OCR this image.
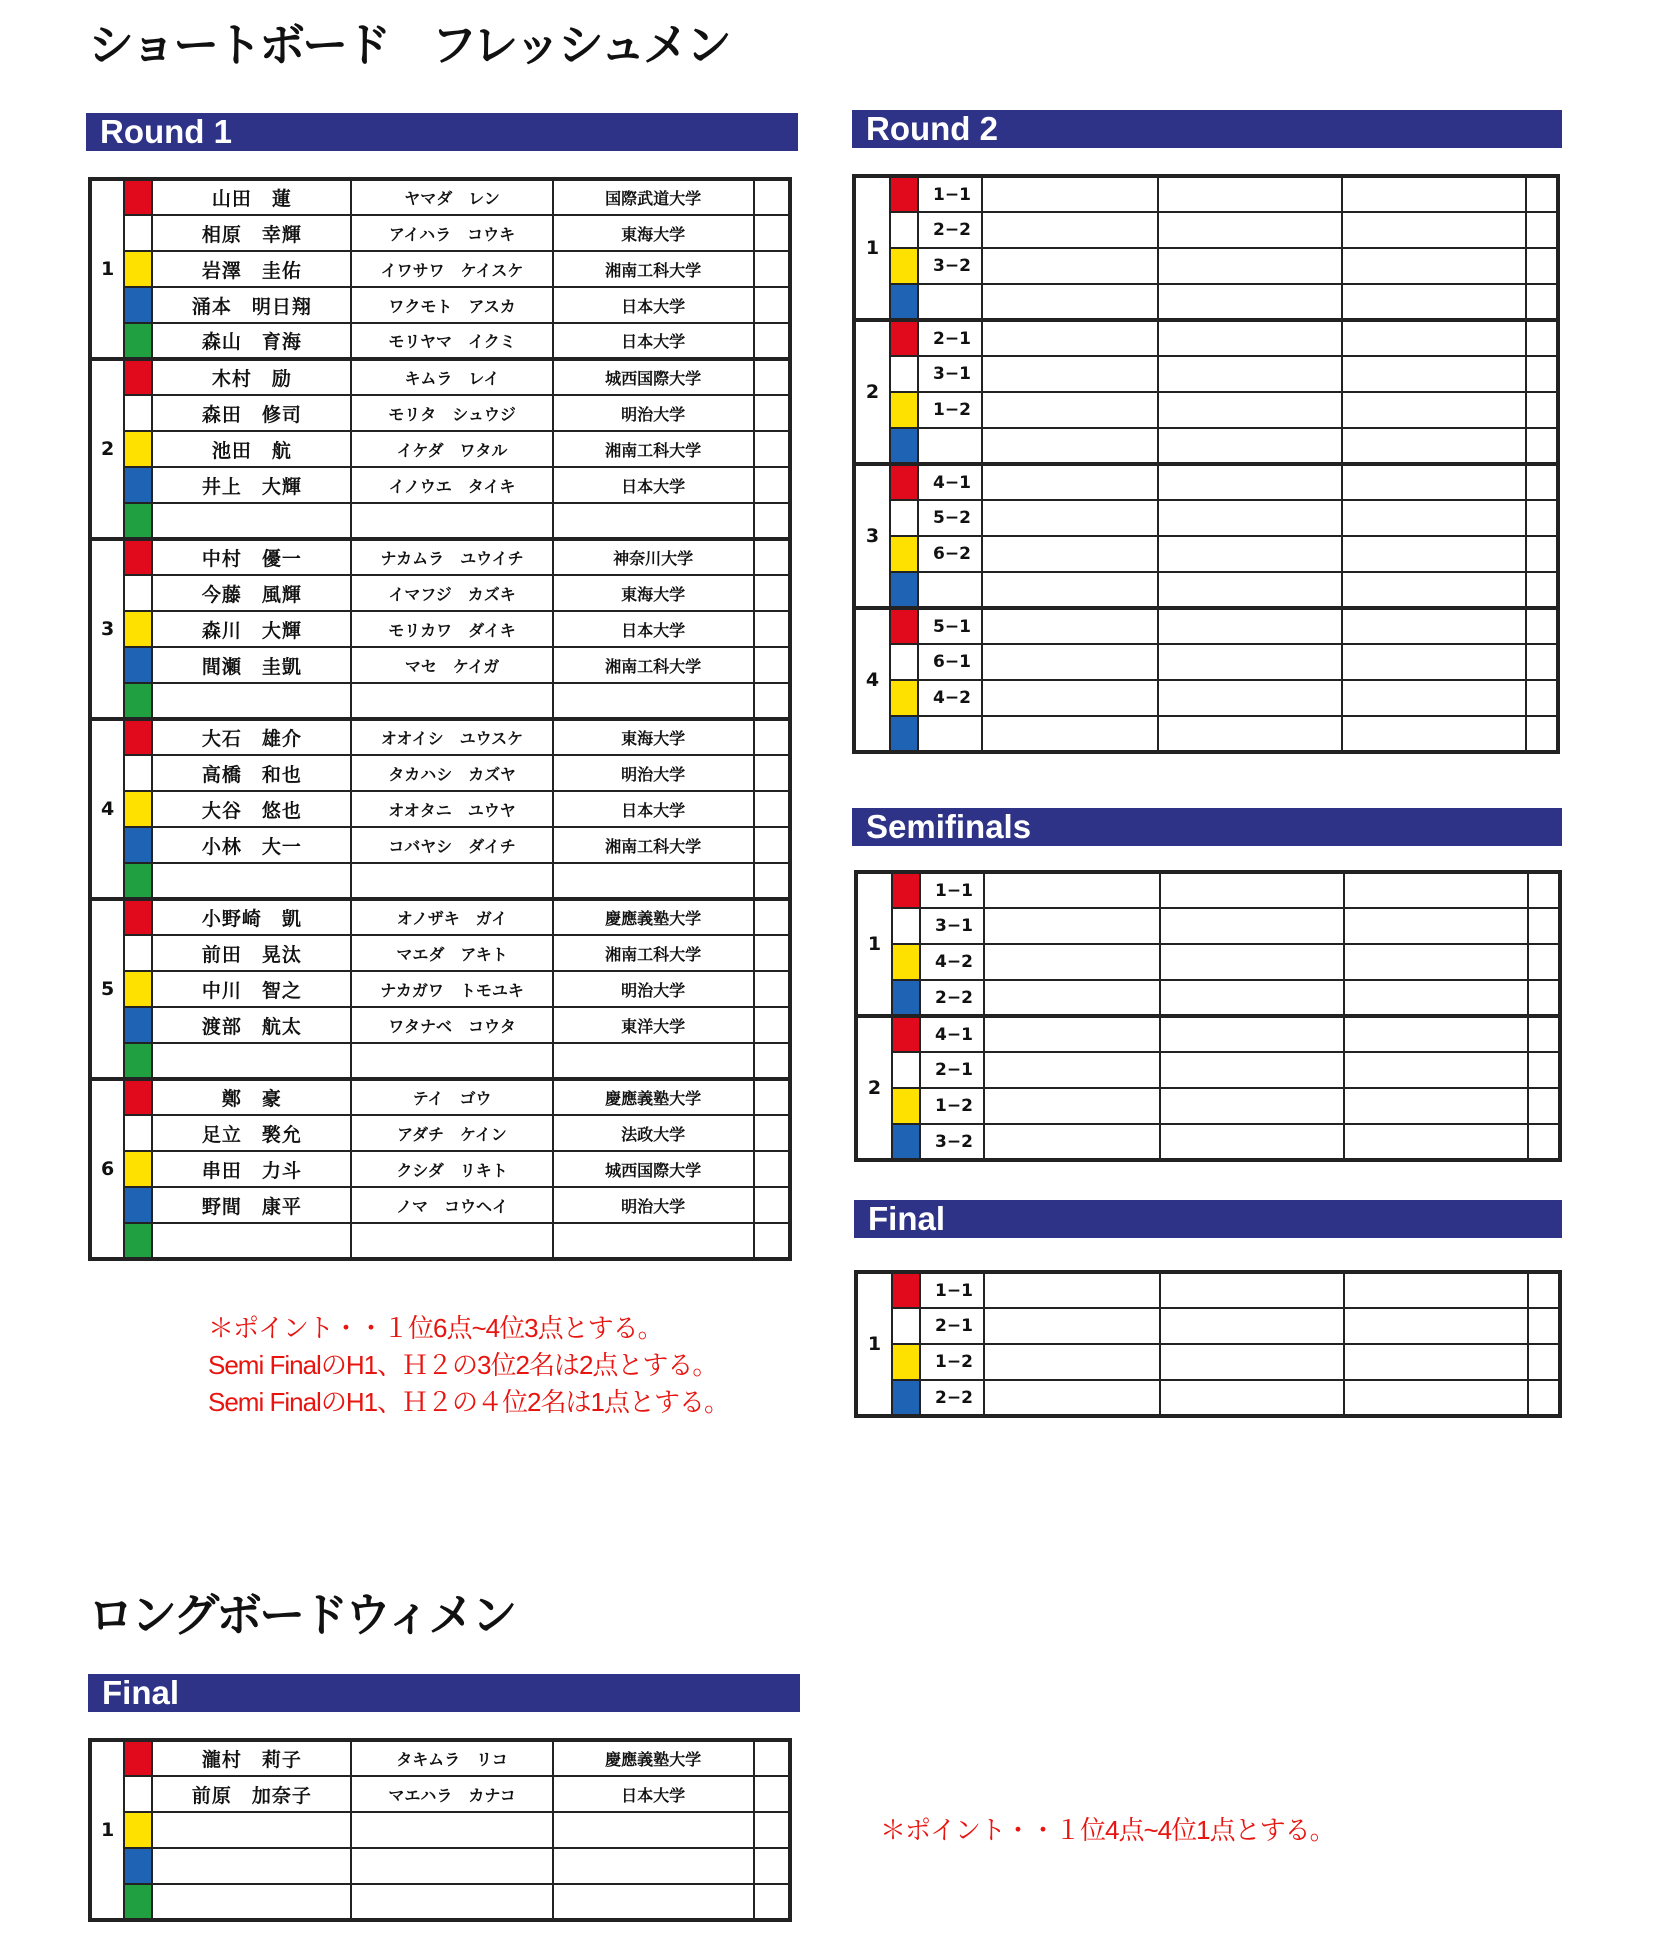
ショートボード　フレッシュメン
Round 1
1		山田　蓮	ヤマダ　レン	国際武道大学	
		相原　幸輝	アイハラ　コウキ	東海大学	
		岩澤　圭佑	イワサワ　ケイスケ	湘南工科大学	
		涌本　明日翔	ワクモト　アスカ	日本大学	
		森山　育海	モリヤマ　イクミ	日本大学	
2		木村　励	キムラ　レイ	城西国際大学	
		森田　修司	モリタ　シュウジ	明治大学	
		池田　航	イケダ　ワタル	湘南工科大学	
		井上　大輝	イノウエ　タイキ	日本大学	

3		中村　優一	ナカムラ　ユウイチ	神奈川大学	
		今藤　風輝	イマフジ　カズキ	東海大学	
		森川　大輝	モリカワ　ダイキ	日本大学	
		間瀬　圭凱	マセ　ケイガ	湘南工科大学	

4		大石　雄介	オオイシ　ユウスケ	東海大学	
		高橋　和也	タカハシ　カズヤ	明治大学	
		大谷　悠也	オオタニ　ユウヤ	日本大学	
		小林　大一	コバヤシ　ダイチ	湘南工科大学	

5		小野崎　凱	オノザキ　ガイ	慶應義塾大学	
		前田　晃汰	マエダ　アキト	湘南工科大学	
		中川　智之	ナカガワ　トモユキ	明治大学	
		渡部　航太	ワタナベ　コウタ	東洋大学	

6		鄭　豪	テイ　ゴウ	慶應義塾大学	
		足立　褧允	アダチ　ケイン	法政大学	
		串田　力斗	クシダ　リキト	城西国際大学	
		野間　康平	ノマ　コウヘイ	明治大学	

Round 2
1		1−1				
		2−2				
		3−2				

2		2−1				
		3−1				
		1−2				

3		4−1				
		5−2				
		6−2				

4		5−1				
		6−1				
		4−2				

Semifinals
1		1−1				
		3−1				
		4−2				
		2−2				
2		4−1				
		2−1				
		1−2				
		3−2				
Final
1		1−1				
		2−1				
		1−2				
		2−2				
＊ポイント・・１位6点~4位3点とする。
Semi FinalのH1、Ｈ２の3位2名は2点とする。
Semi FinalのH1、Ｈ２の４位2名は1点とする。
ロングボードウィメン
Final
1		瀧村　莉子	タキムラ　リコ	慶應義塾大学	
		前原　加奈子	マエハラ　カナコ	日本大学	

＊ポイント・・１位4点~4位1点とする。
